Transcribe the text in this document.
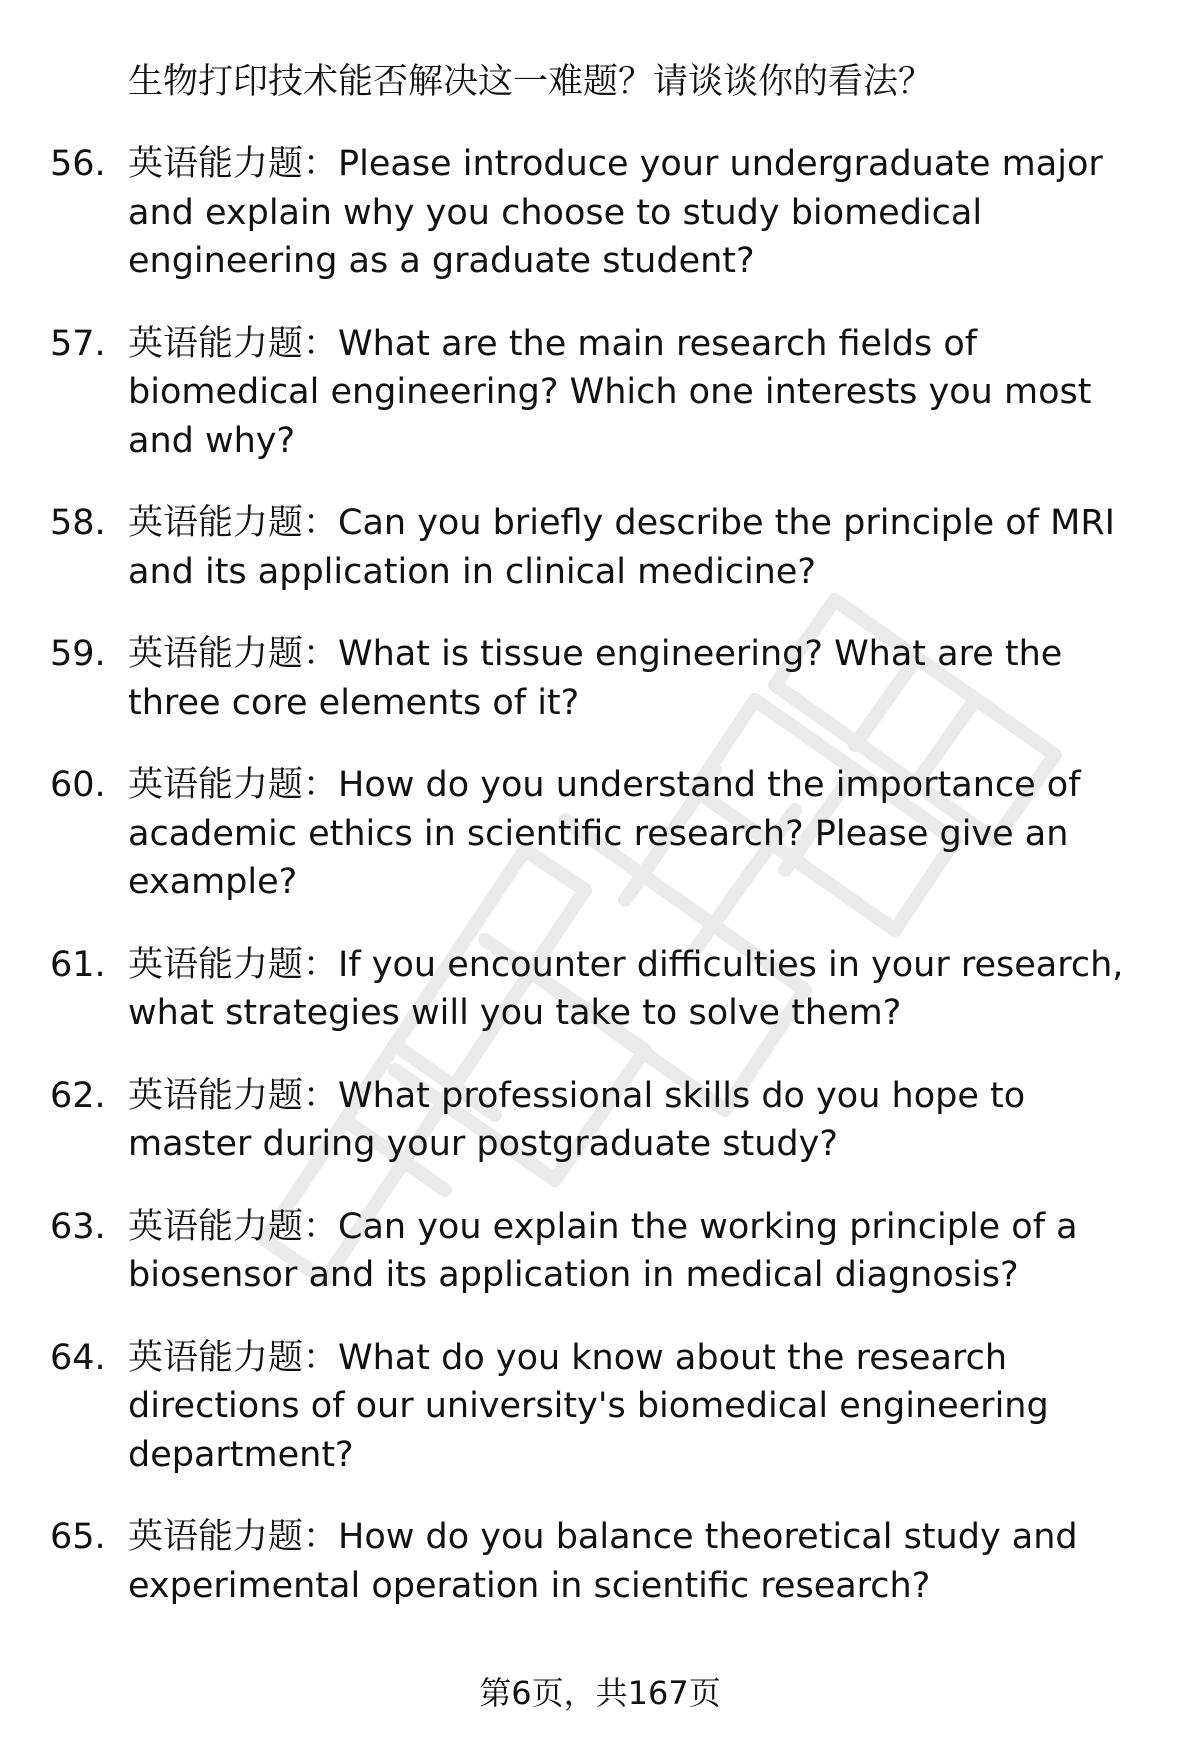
生物打印技术能否解决这一难题？请谈谈你的看法？

56. 英语能力题：Please introduce your undergraduate major and explain why you choose to study biomedical engineering as a graduate student?
57. 英语能力题：What are the main research fields of biomedical engineering? Which one interests you most and why?
58. 英语能力题：Can you briefly describe the principle of MRI and its application in clinical medicine?
59. 英语能力题：What is tissue engineering? What are the three core elements of it?
60. 英语能力题：How do you understand the importance of academic ethics in scientific research? Please give an example?
61. 英语能力题：If you encounter difficulties in your research, what strategies will you take to solve them?
62. 英语能力题：What professional skills do you hope to master during your postgraduate study?
63. 英语能力题：Can you explain the working principle of a biosensor and its application in medical diagnosis?
64. 英语能力题：What do you know about the research directions of our university's biomedical engineering department?
65. 英语能力题：How do you balance theoretical study and experimental operation in scientific research?
第6页，共167页
